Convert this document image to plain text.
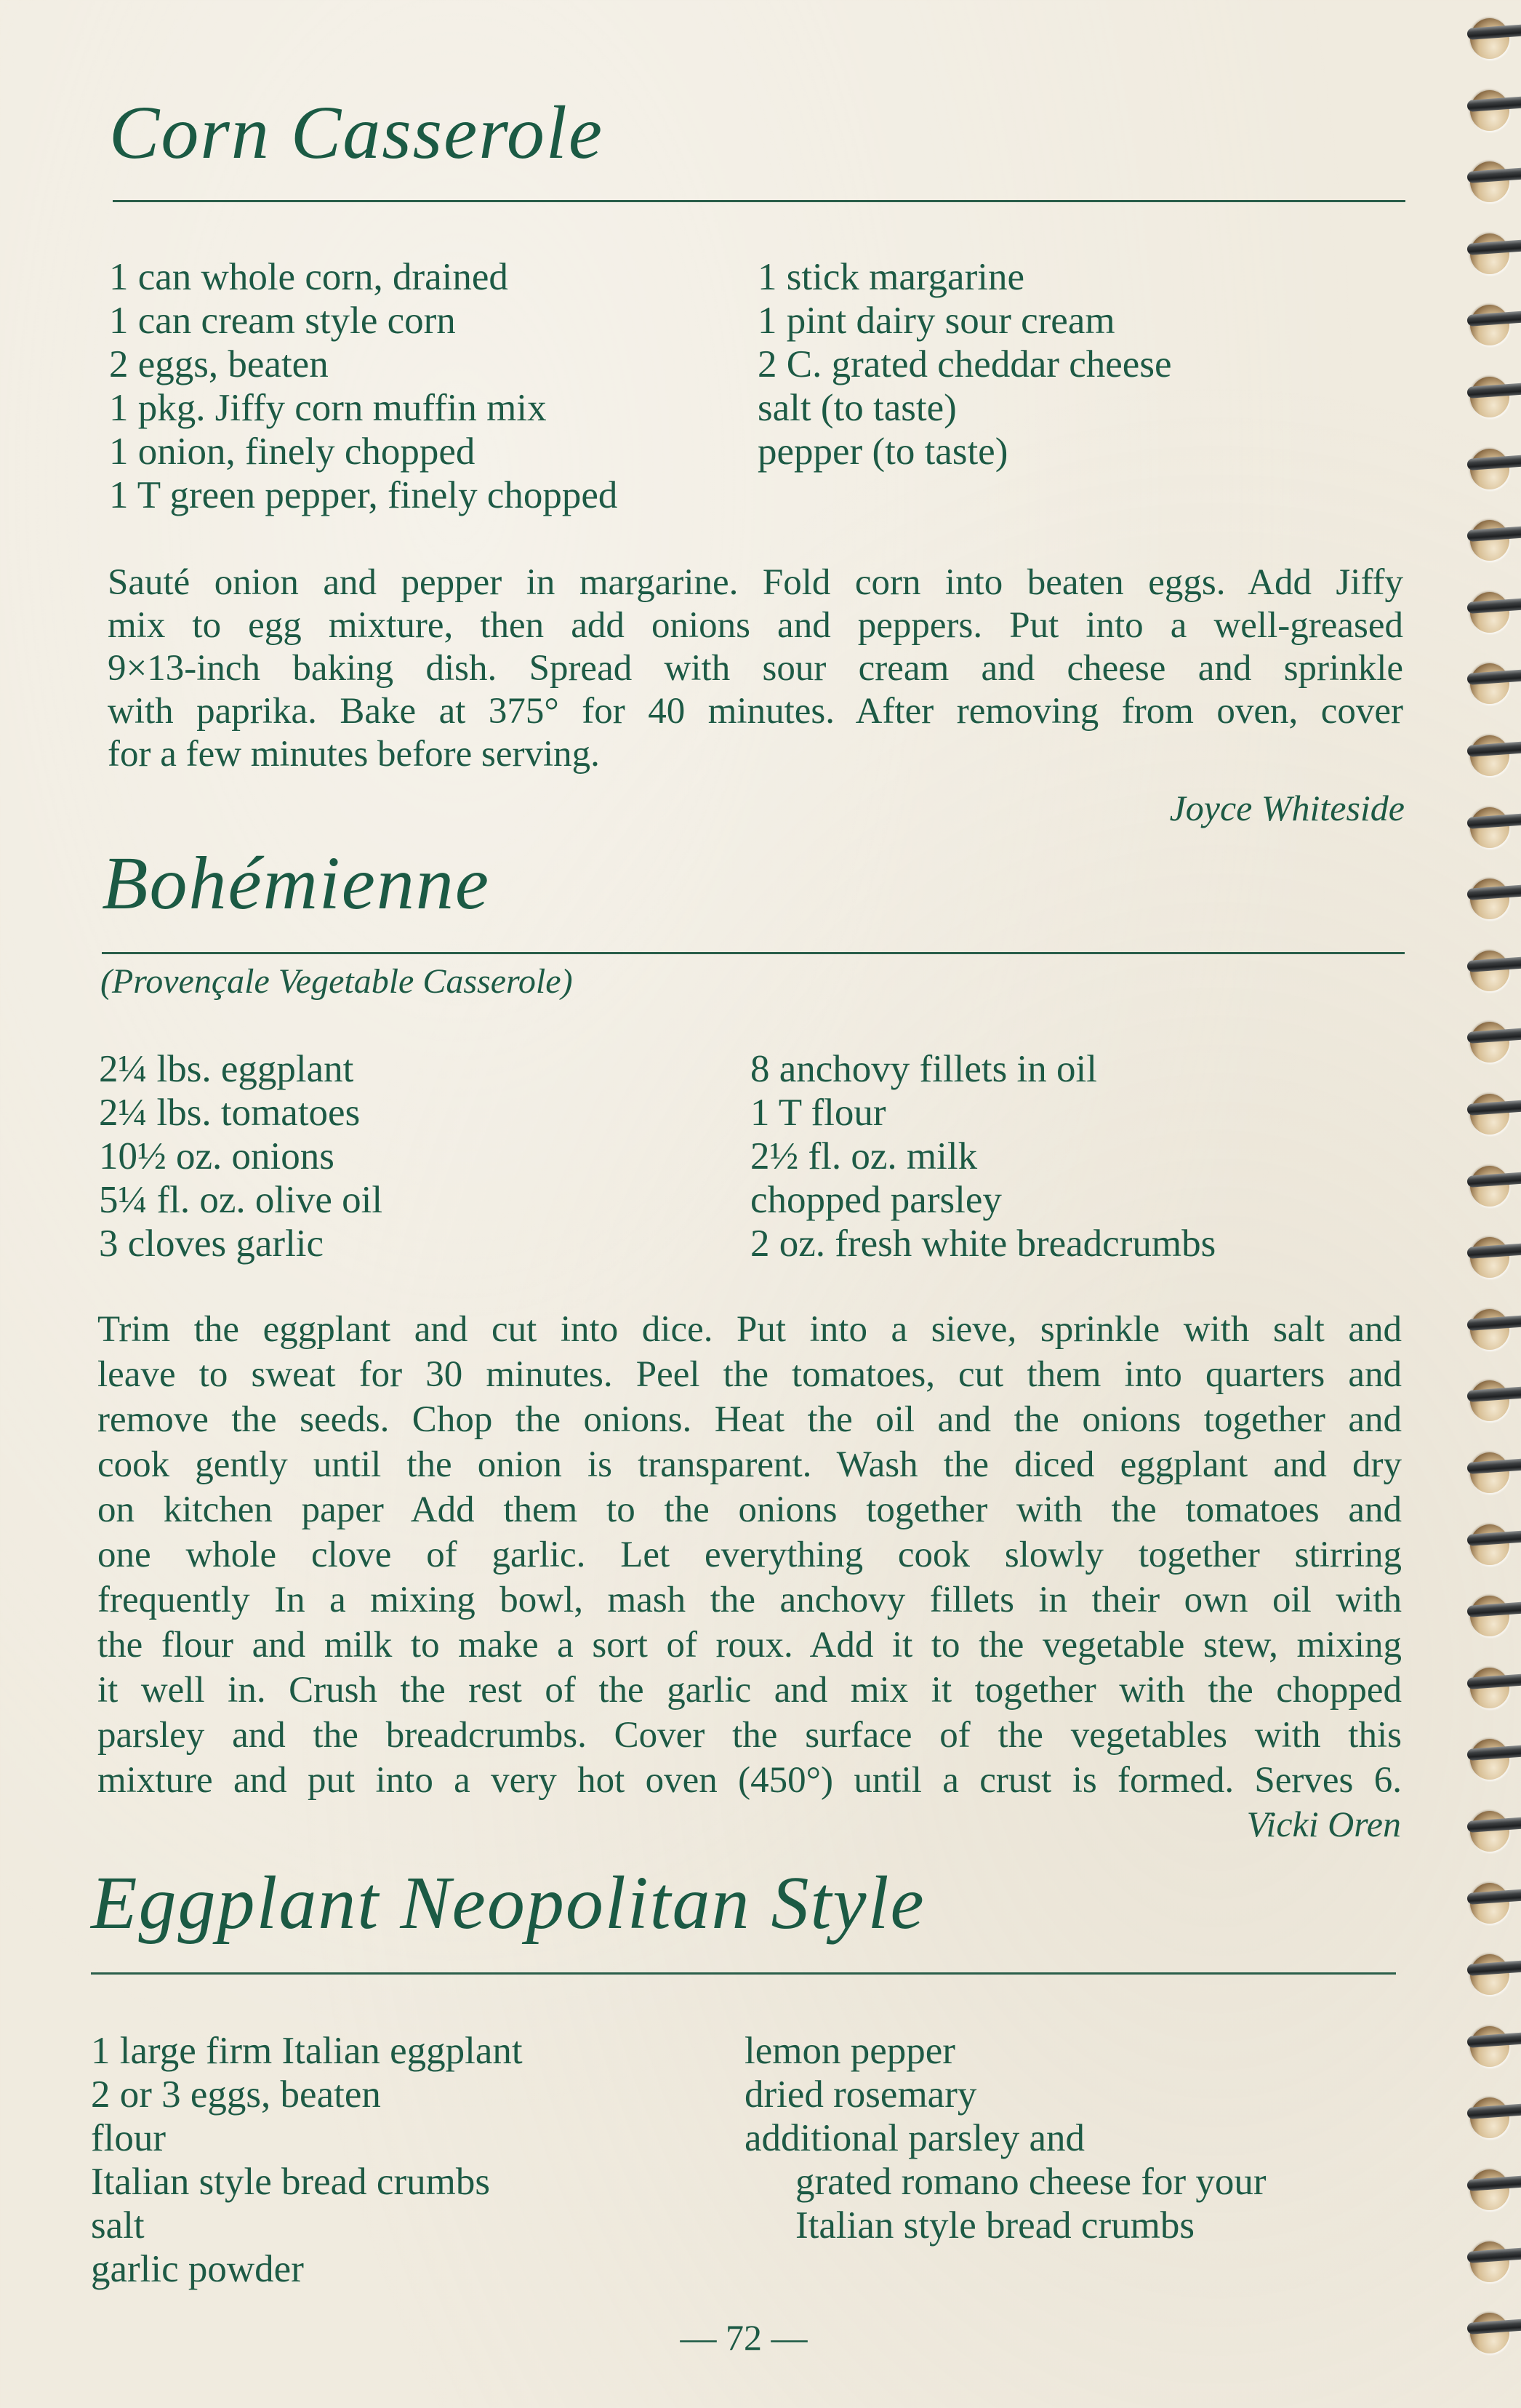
Corn Casserole
1 can whole corn, drained
1 can cream style corn
2 eggs, beaten
1 pkg. Jiffy corn muffin mix
1 onion, finely chopped
1 T green pepper, finely chopped
1 stick margarine
1 pint dairy sour cream
2 C. grated cheddar cheese
salt (to taste)
pepper (to taste)
Sauté onion and pepper in margarine. Fold corn into beaten eggs. Add Jiffy
mix to egg mixture, then add onions and peppers. Put into a well-greased
9×13-inch baking dish. Spread with sour cream and cheese and sprinkle
with paprika. Bake at 375° for 40 minutes. After removing from oven, cover
for a few minutes before serving.
Joyce Whiteside
Bohémienne
(Provençale Vegetable Casserole)
2¼ lbs. eggplant
2¼ lbs. tomatoes
10½ oz. onions
5¼ fl. oz. olive oil
3 cloves garlic
8 anchovy fillets in oil
1 T flour
2½ fl. oz. milk
chopped parsley
2 oz. fresh white breadcrumbs
Trim the eggplant and cut into dice. Put into a sieve, sprinkle with salt and
leave to sweat for 30 minutes. Peel the tomatoes, cut them into quarters and
remove the seeds. Chop the onions. Heat the oil and the onions together and
cook gently until the onion is transparent. Wash the diced eggplant and dry
on kitchen paper Add them to the onions together with the tomatoes and
one whole clove of garlic. Let everything cook slowly together stirring
frequently In a mixing bowl, mash the anchovy fillets in their own oil with
the flour and milk to make a sort of roux. Add it to the vegetable stew, mixing
it well in. Crush the rest of the garlic and mix it together with the chopped
parsley and the breadcrumbs. Cover the surface of the vegetables with this
mixture and put into a very hot oven (450°) until a crust is formed. Serves 6.
Vicki Oren
Eggplant Neopolitan Style
1 large firm Italian eggplant
2 or 3 eggs, beaten
flour
Italian style bread crumbs
salt
garlic powder
lemon pepper
dried rosemary
additional parsley and
grated romano cheese for your
Italian style bread crumbs
— 72 —
